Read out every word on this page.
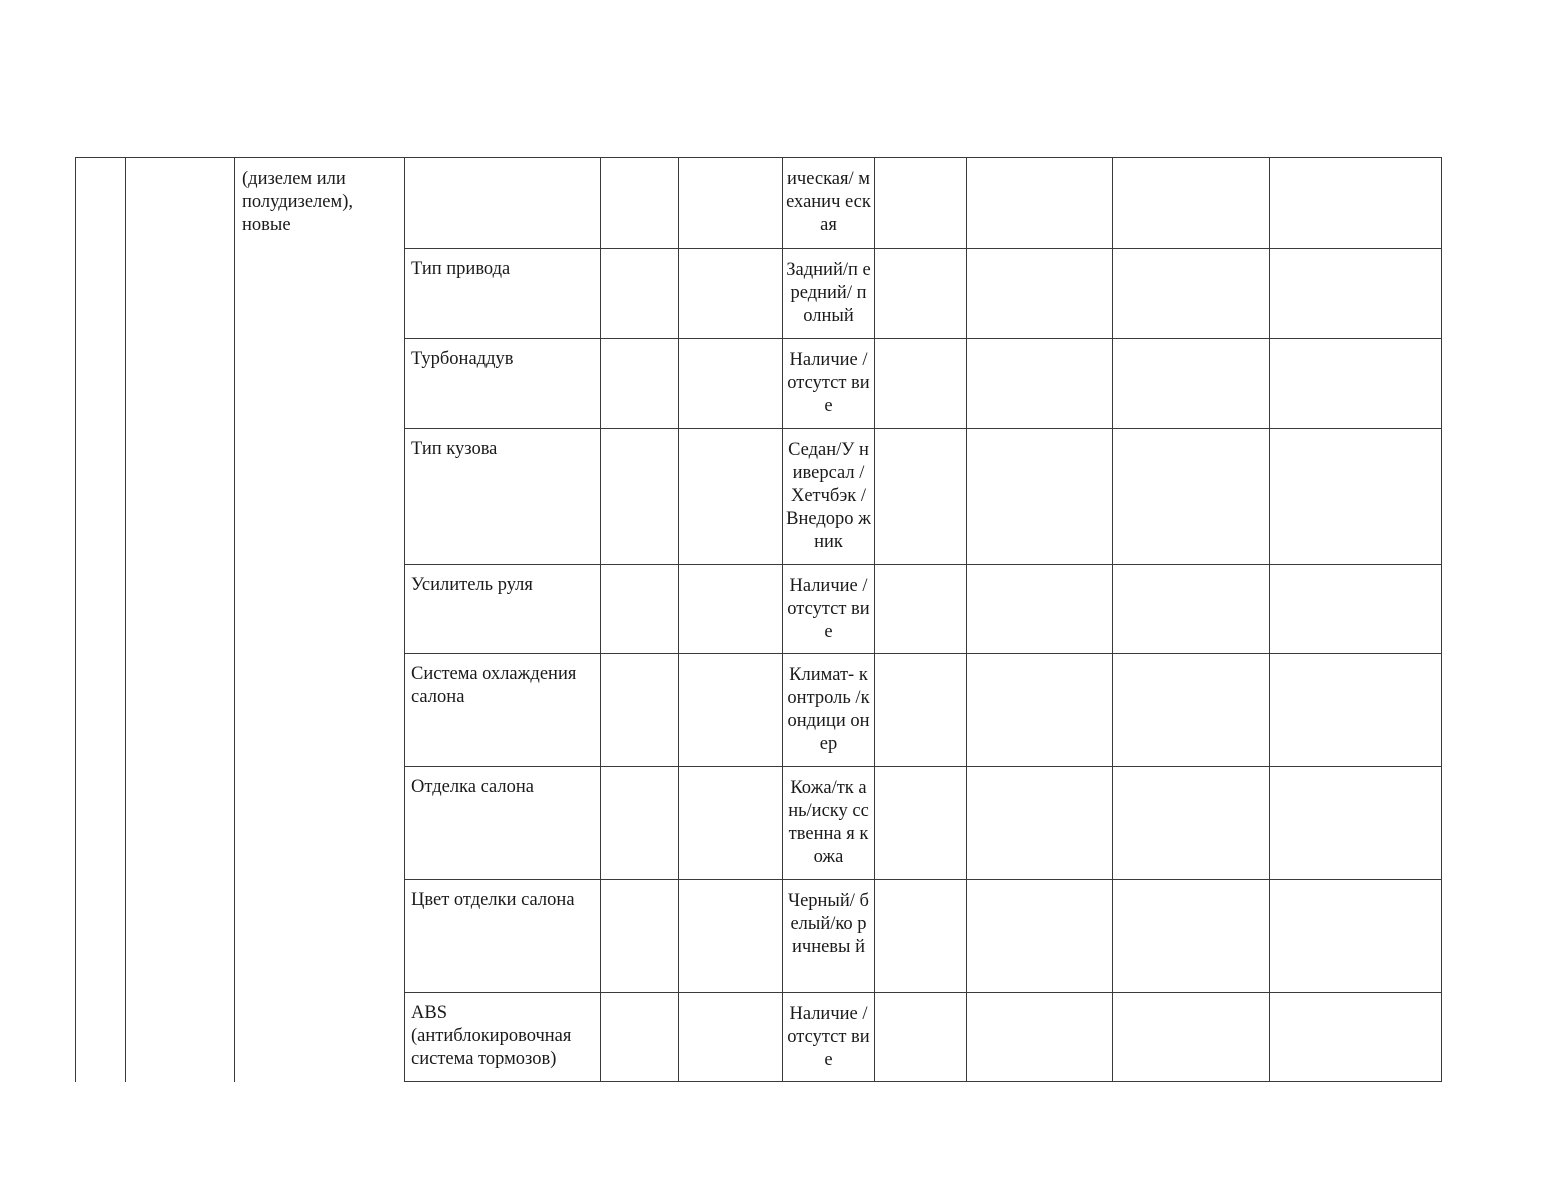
		(дизелем или полудизелем), новые				ическая/ механич еская				

			Тип привода			Задний/п ередний/ полный				

			Турбонаддув			Наличие /отсутст вие				

			Тип кузова			Седан/У ниверсал /Хетчбэк /Внедоро жник				

			Усилитель руля			Наличие /отсутст вие				

			Система охлаждения салона			Климат- контроль /кондици онер				

			Отделка салона			Кожа/тк ань/иску сственна я кожа				

			Цвет отделки салона			Черный/ белый/ко ричневы й				

			ABS (антиблокировочная система тормозов)			Наличие /отсутст вие				
